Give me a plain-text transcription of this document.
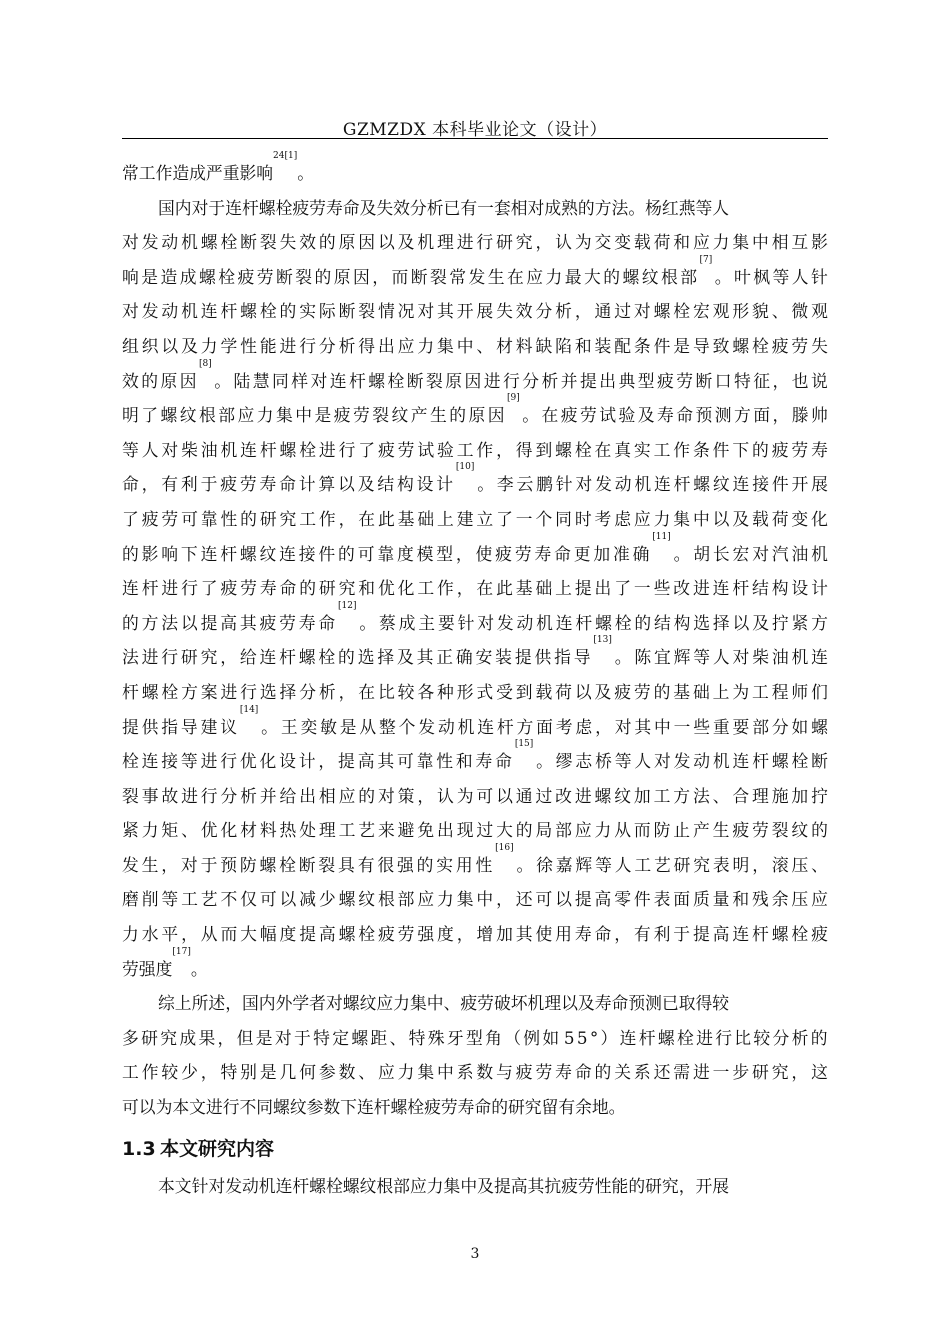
GZMZDX 本科毕业论文（设计）
常工作造成严重影响
24[1]
。
国 内 对 于 连 杆 螺 栓 疲 劳 寿 命 及 失 效 分 析 已 有 一 套 相 对 成 熟 的 方 法 。 杨 红 燕 等 人
对 发 动 机 螺 栓 断 裂 失 效 的 原 因 以 及 机 理 进 行 研 究 ， 认 为 交 变 载 荷 和 应 力 集 中 相 互 影
响 是 造 成 螺 栓 疲 劳 断 裂 的 原 因 ， 而 断 裂 常 发 生 在 应 力 最 大 的 螺 纹 根 部
[7]
。 叶 枫 等 人 针
对 发 动 机 连 杆 螺 栓 的 实 际 断 裂 情 况 对 其 开 展 失 效 分 析 ， 通 过 对 螺 栓 宏 观 形 貌 、 微 观
组 织 以 及 力 学 性 能 进 行 分 析 得 出 应 力 集 中 、 材 料 缺 陷 和 装 配 条 件 是 导 致 螺 栓 疲 劳 失
效 的 原 因
[8]
。 陆 慧 同 样 对 连 杆 螺 栓 断 裂 原 因 进 行 分 析 并 提 出 典 型 疲 劳 断 口 特 征 ， 也 说
明 了 螺 纹 根 部 应 力 集 中 是 疲 劳 裂 纹 产 生 的 原 因
[9]
。 在 疲 劳 试 验 及 寿 命 预 测 方 面 ， 滕 帅
等 人 对 柴 油 机 连 杆 螺 栓 进 行 了 疲 劳 试 验 工 作 ， 得 到 螺 栓 在 真 实 工 作 条 件 下 的 疲 劳 寿
命 ， 有 利 于 疲 劳 寿 命 计 算 以 及 结 构 设 计
[10]
。 李 云 鹏 针 对 发 动 机 连 杆 螺 纹 连 接 件 开 展
了 疲 劳 可 靠 性 的 研 究 工 作 ， 在 此 基 础 上 建 立 了 一 个 同 时 考 虑 应 力 集 中 以 及 载 荷 变 化
的 影 响 下 连 杆 螺 纹 连 接 件 的 可 靠 度 模 型 ， 使 疲 劳 寿 命 更 加 准 确
[11]
。 胡 长 宏 对 汽 油 机
连 杆 进 行 了 疲 劳 寿 命 的 研 究 和 优 化 工 作 ， 在 此 基 础 上 提 出 了 一 些 改 进 连 杆 结 构 设 计
的 方 法 以 提 高 其 疲 劳 寿 命
[12]
。 蔡 成 主 要 针 对 发 动 机 连 杆 螺 栓 的 结 构 选 择 以 及 拧 紧 方
法 进 行 研 究 ， 给 连 杆 螺 栓 的 选 择 及 其 正 确 安 装 提 供 指 导
[13]
。 陈 宜 辉 等 人 对 柴 油 机 连
杆 螺 栓 方 案 进 行 选 择 分 析 ， 在 比 较 各 种 形 式 受 到 载 荷 以 及 疲 劳 的 基 础 上 为 工 程 师 们
提 供 指 导 建 议
[14]
。 王 奕 敏 是 从 整 个 发 动 机 连 杆 方 面 考 虑 ， 对 其 中 一 些 重 要 部 分 如 螺
栓 连 接 等 进 行 优 化 设 计 ， 提 高 其 可 靠 性 和 寿 命
[15]
。 缪 志 桥 等 人 对 发 动 机 连 杆 螺 栓 断
裂 事 故 进 行 分 析 并 给 出 相 应 的 对 策 ， 认 为 可 以 通 过 改 进 螺 纹 加 工 方 法 、 合 理 施 加 拧
紧 力 矩 、 优 化 材 料 热 处 理 工 艺 来 避 免 出 现 过 大 的 局 部 应 力 从 而 防 止 产 生 疲 劳 裂 纹 的
发 生 ， 对 于 预 防 螺 栓 断 裂 具 有 很 强 的 实 用 性
[16]
。 徐 嘉 辉 等 人 工 艺 研 究 表 明 ， 滚 压 、
磨 削 等 工 艺 不 仅 可 以 减 少 螺 纹 根 部 应 力 集 中 ， 还 可 以 提 高 零 件 表 面 质 量 和 残 余 压 应
力 水 平 ， 从 而 大 幅 度 提 高 螺 栓 疲 劳 强 度 ， 增 加 其 使 用 寿 命 ， 有 利 于 提 高 连 杆 螺 栓 疲
劳强度
[17]
。
综 上 所 述 ， 国 内 外 学 者 对 螺 纹 应 力 集 中 、 疲 劳 破 坏 机 理 以 及 寿 命 预 测 已 取 得 较
多 研 究 成 果 ， 但 是 对 于 特 定 螺 距 、 特 殊 牙 型 角 （ 例 如 5 5 ° ） 连 杆 螺 栓 进 行 比 较 分 析 的
工 作 较 少 ， 特 别 是 几 何 参 数 、 应 力 集 中 系 数 与 疲 劳 寿 命 的 关 系 还 需 进 一 步 研 究 ， 这
可以为本文进行不同螺纹参数下连杆螺栓疲劳寿命的研究留有余地。
1.3 本文研究内容
本 文 针 对 发 动 机 连 杆 螺 栓 螺 纹 根 部 应 力 集 中 及 提 高 其 抗 疲 劳 性 能 的 研 究 ， 开 展
3
